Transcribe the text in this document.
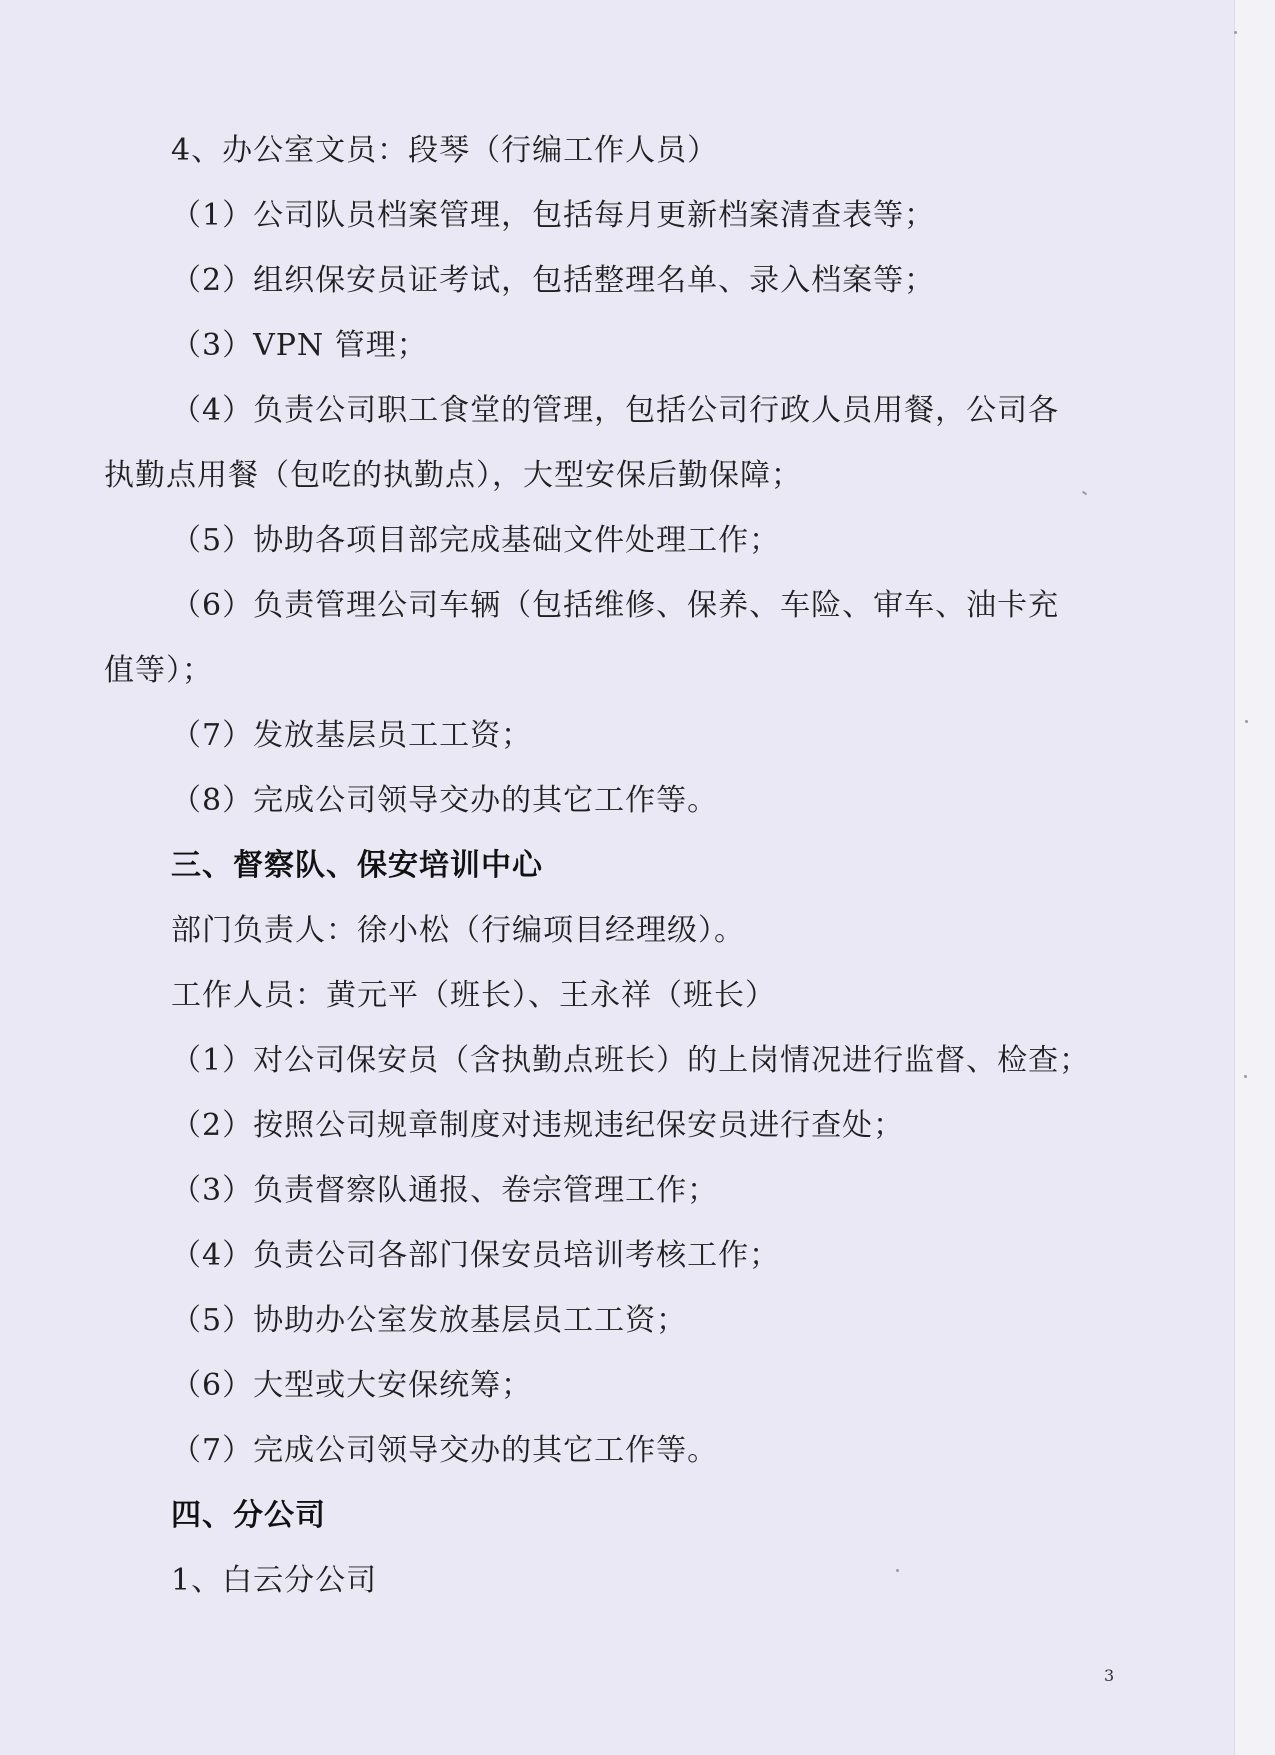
4、办公室文员：段琴（行编工作人员）

（1）公司队员档案管理，包括每月更新档案清查表等；

（2）组织保安员证考试，包括整理名单、录入档案等；

（3）VPN 管理；

（4）负责公司职工食堂的管理，包括公司行政人员用餐，公司各

执勤点用餐（包吃的执勤点），大型安保后勤保障；

（5）协助各项目部完成基础文件处理工作；

（6）负责管理公司车辆（包括维修、保养、车险、审车、油卡充

值等）；

（7）发放基层员工工资；

（8）完成公司领导交办的其它工作等。

三、督察队、保安培训中心

部门负责人：徐小松（行编项目经理级）。

工作人员：黄元平（班长）、王永祥（班长）

（1）对公司保安员（含执勤点班长）的上岗情况进行监督、检查；

（2）按照公司规章制度对违规违纪保安员进行查处；

（3）负责督察队通报、卷宗管理工作；

（4）负责公司各部门保安员培训考核工作；

（5）协助办公室发放基层员工工资；

（6）大型或大安保统筹；

（7）完成公司领导交办的其它工作等。

四、分公司

1、白云分公司

3
